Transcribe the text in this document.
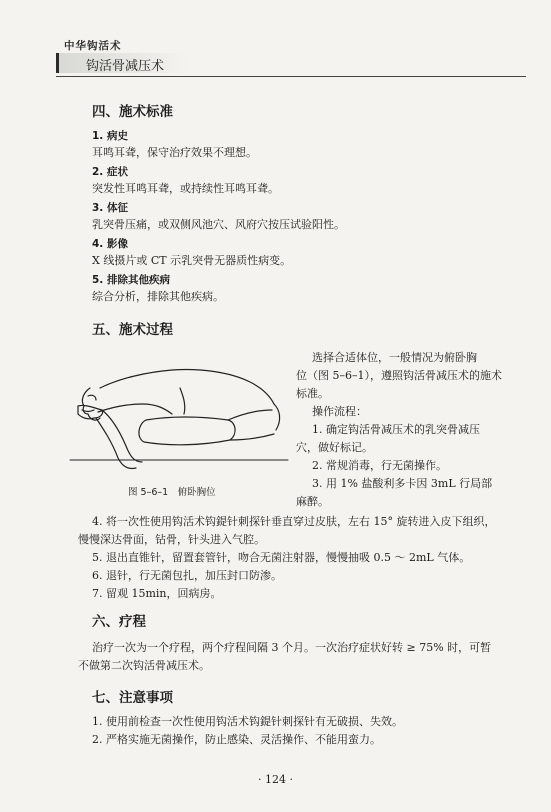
中华钩活术
钩活骨减压术
四、施术标准
1. 病史
耳鸣耳聋，保守治疗效果不理想。
2. 症状
突发性耳鸣耳聋，或持续性耳鸣耳聋。
3. 体征
乳突骨压痛，或双侧风池穴、风府穴按压试验阳性。
4. 影像
X 线摄片或 CT 示乳突骨无器质性病变。
5. 排除其他疾病
综合分析，排除其他疾病。
五、施术过程
选择合适体位，一般情况为俯卧胸
位（图 5–6–1），遵照钩活骨减压术的施术
标准。
操作流程：
1. 确定钩活骨减压术的乳突骨减压
穴，做好标记。
2. 常规消毒，行无菌操作。
3. 用 1% 盐酸利多卡因 3mL 行局部
麻醉。
图 5–6–1　俯卧胸位
4. 将一次性使用钩活术钩鍉针刺探针垂直穿过皮肤，左右 15° 旋转进入皮下组织，
慢慢深达骨面，钻骨，针头进入气腔。
5. 退出直锥针，留置套管针，吻合无菌注射器，慢慢抽吸 0.5 ～ 2mL 气体。
6. 退针，行无菌包扎，加压封口防渗。
7. 留观 15min，回病房。
六、疗程
治疗一次为一个疗程，两个疗程间隔 3 个月。一次治疗症状好转 ≥ 75% 时，可暂
不做第二次钩活骨减压术。
七、注意事项
1. 使用前检查一次性使用钩活术钩鍉针刺探针有无破损、失效。
2. 严格实施无菌操作，防止感染、灵活操作、不能用蛮力。
· 124 ·
